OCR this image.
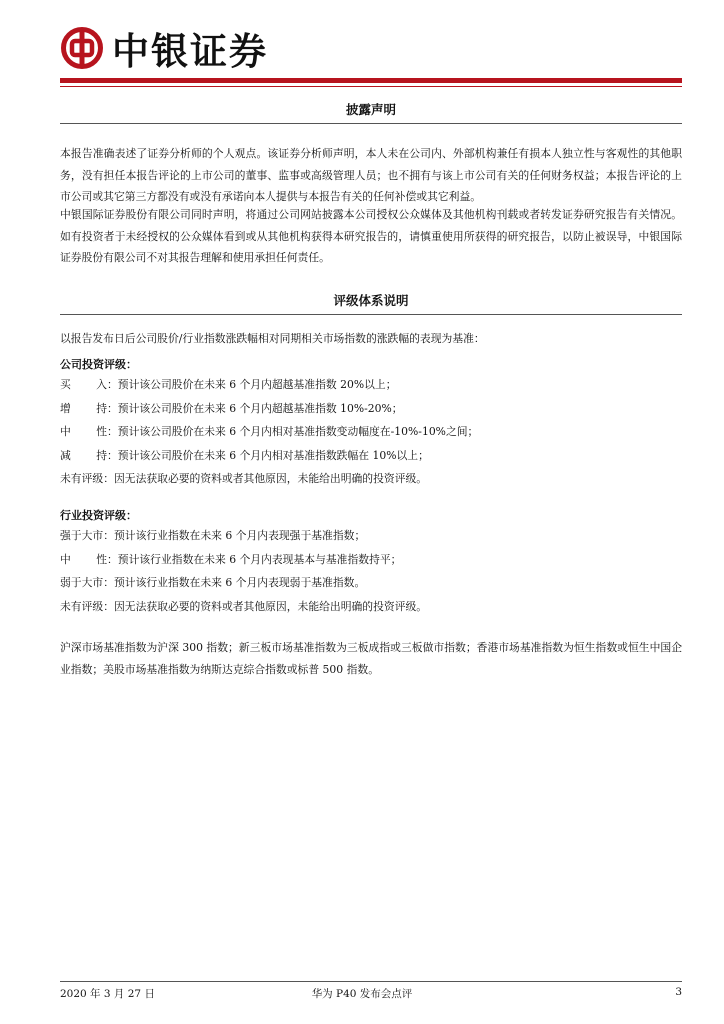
中银证券
披露声明

本报告准确表述了证券分析师的个人观点。该证券分析师声明，本人未在公司内、外部机构兼任有损本人独立性与客观性的其他职务，没有担任本报告评论的上市公司的董事、监事或高级管理人员；也不拥有与该上市公司有关的任何财务权益；本报告评论的上市公司或其它第三方都没有或没有承诺向本人提供与本报告有关的任何补偿或其它利益。

中银国际证券股份有限公司同时声明，将通过公司网站披露本公司授权公众媒体及其他机构刊载或者转发证券研究报告有关情况。如有投资者于未经授权的公众媒体看到或从其他机构获得本研究报告的，请慎重使用所获得的研究报告，以防止被误导，中银国际证券股份有限公司不对其报告理解和使用承担任何责任。

评级体系说明

以报告发布日后公司股价/行业指数涨跌幅相对同期相关市场指数的涨跌幅的表现为基准：

公司投资评级：
买 入：预计该公司股价在未来 6 个月内超越基准指数 20%以上；
增 持：预计该公司股价在未来 6 个月内超越基准指数 10%-20%；
中 性：预计该公司股价在未来 6 个月内相对基准指数变动幅度在-10%-10%之间；
减 持：预计该公司股价在未来 6 个月内相对基准指数跌幅在 10%以上；
未有评级：因无法获取必要的资料或者其他原因，未能给出明确的投资评级。
行业投资评级：
强于大市：预计该行业指数在未来 6 个月内表现强于基准指数；
中 性：预计该行业指数在未来 6 个月内表现基本与基准指数持平；
弱于大市：预计该行业指数在未来 6 个月内表现弱于基准指数。
未有评级：因无法获取必要的资料或者其他原因，未能给出明确的投资评级。

沪深市场基准指数为沪深 300 指数；新三板市场基准指数为三板成指或三板做市指数；香港市场基准指数为恒生指数或恒生中国企业指数；美股市场基准指数为纳斯达克综合指数或标普 500 指数。

2020 年 3 月 27 日	华为 P40 发布会点评	3
